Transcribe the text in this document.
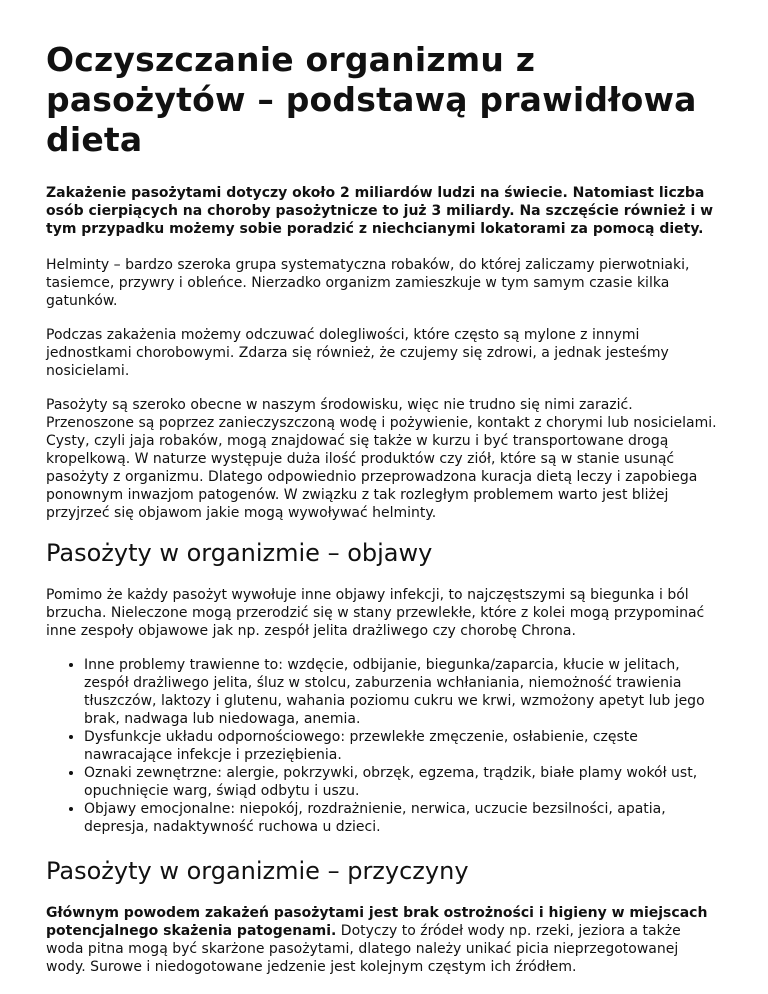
Oczyszczanie organizmu z pasożytów – podstawą prawidłowa dieta

Zakażenie pasożytami dotyczy około 2 miliardów ludzi na świecie. Natomiast liczba osób cierpiących na choroby pasożytnicze to już 3 miliardy. Na szczęście również i w tym przypadku możemy sobie poradzić z niechcianymi lokatorami za pomocą diety.

Helminty – bardzo szeroka grupa systematyczna robaków, do której zaliczamy pierwotniaki, tasiemce, przywry i obleńce. Nierzadko organizm zamieszkuje w tym samym czasie kilka gatunków.

Podczas zakażenia możemy odczuwać dolegliwości, które często są mylone z innymi jednostkami chorobowymi. Zdarza się również, że czujemy się zdrowi, a jednak jesteśmy nosicielami.

Pasożyty są szeroko obecne w naszym środowisku, więc nie trudno się nimi zarazić. Przenoszone są poprzez zanieczyszczoną wodę i pożywienie, kontakt z chorymi lub nosicielami. Cysty, czyli jaja robaków, mogą znajdować się także w kurzu i być transportowane drogą kropelkową. W naturze występuje duża ilość produktów czy ziół, które są w stanie usunąć pasożyty z organizmu. Dlatego odpowiednio przeprowadzona kuracja dietą leczy i zapobiega ponownym inwazjom patogenów. W związku z tak rozległym problemem warto jest bliżej przyjrzeć się objawom jakie mogą wywoływać helminty.

Pasożyty w organizmie – objawy

Pomimo że każdy pasożyt wywołuje inne objawy infekcji, to najczęstszymi są biegunka i ból brzucha. Nieleczone mogą przerodzić się w stany przewlekłe, które z kolei mogą przypominać inne zespoły objawowe jak np. zespół jelita drażliwego czy chorobę Chrona.

• Inne problemy trawienne to: wzdęcie, odbijanie, biegunka/zaparcia, kłucie w jelitach, zespół drażliwego jelita, śluz w stolcu, zaburzenia wchłaniania, niemożność trawienia tłuszczów, laktozy i glutenu, wahania poziomu cukru we krwi, wzmożony apetyt lub jego brak, nadwaga lub niedowaga, anemia.
• Dysfunkcje układu odpornościowego: przewlekłe zmęczenie, osłabienie, częste nawracające infekcje i przeziębienia.
• Oznaki zewnętrzne: alergie, pokrzywki, obrzęk, egzema, trądzik, białe plamy wokół ust, opuchnięcie warg, świąd odbytu i uszu.
• Objawy emocjonalne: niepokój, rozdrażnienie, nerwica, uczucie bezsilności, apatia, depresja, nadaktywność ruchowa u dzieci.
Pasożyty w organizmie – przyczyny

Głównym powodem zakażeń pasożytami jest brak ostrożności i higieny w miejscach potencjalnego skażenia patogenami. Dotyczy to źródeł wody np. rzeki, jeziora a także woda pitna mogą być skarżone pasożytami, dlatego należy unikać picia nieprzegotowanej wody. Surowe i niedogotowane jedzenie jest kolejnym częstym ich źródłem.
